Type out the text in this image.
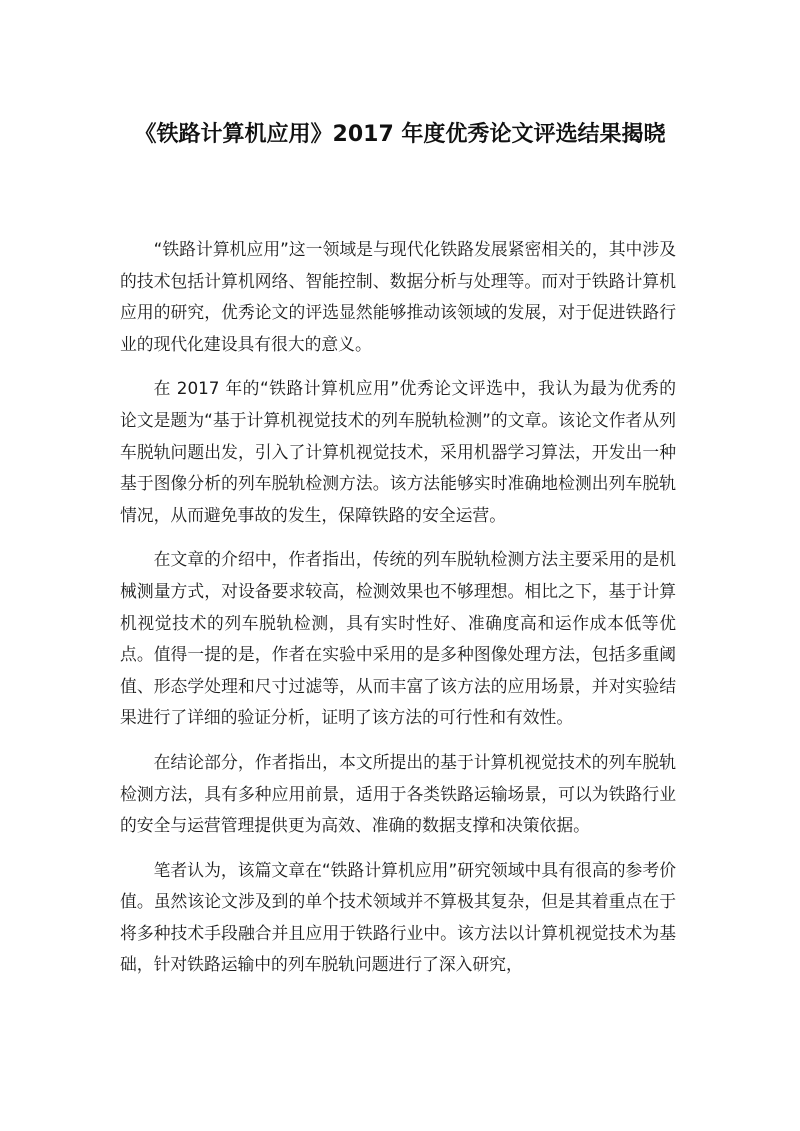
《铁路计算机应用》2017 年度优秀论文评选结果揭晓

“铁路计算机应用”这一领域是与现代化铁路发展紧密相关的，其中涉及的技术包括计算机网络、智能控制、数据分析与处理等。而对于铁路计算机应用的研究，优秀论文的评选显然能够推动该领域的发展，对于促进铁路行业的现代化建设具有很大的意义。

在 2017 年的“铁路计算机应用”优秀论文评选中，我认为最为优秀的论文是题为“基于计算机视觉技术的列车脱轨检测”的文章。该论文作者从列车脱轨问题出发，引入了计算机视觉技术，采用机器学习算法，开发出一种基于图像分析的列车脱轨检测方法。该方法能够实时准确地检测出列车脱轨情况，从而避免事故的发生，保障铁路的安全运营。

在文章的介绍中，作者指出，传统的列车脱轨检测方法主要采用的是机械测量方式，对设备要求较高，检测效果也不够理想。相比之下，基于计算机视觉技术的列车脱轨检测，具有实时性好、准确度高和运作成本低等优点。值得一提的是，作者在实验中采用的是多种图像处理方法，包括多重阈值、形态学处理和尺寸过滤等，从而丰富了该方法的应用场景，并对实验结果进行了详细的验证分析，证明了该方法的可行性和有效性。

在结论部分，作者指出，本文所提出的基于计算机视觉技术的列车脱轨检测方法，具有多种应用前景，适用于各类铁路运输场景，可以为铁路行业的安全与运营管理提供更为高效、准确的数据支撑和决策依据。

笔者认为，该篇文章在“铁路计算机应用”研究领域中具有很高的参考价值。虽然该论文涉及到的单个技术领域并不算极其复杂，但是其着重点在于将多种技术手段融合并且应用于铁路行业中。该方法以计算机视觉技术为基础，针对铁路运输中的列车脱轨问题进行了深入研究，
